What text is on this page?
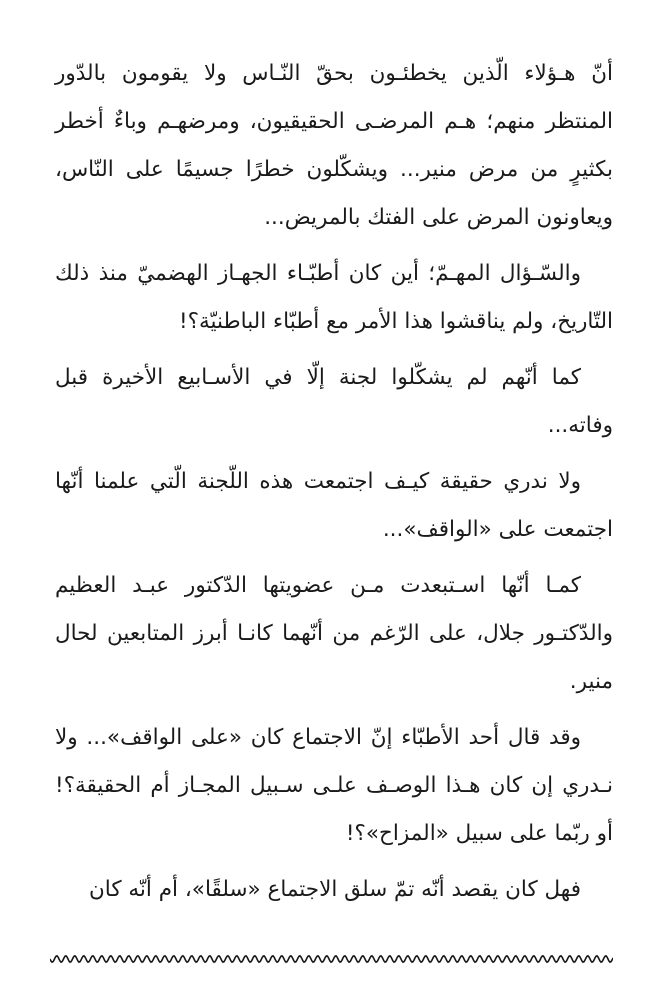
أنّ هـؤلاء الّذين يخطئـون بحقّ النّـاس ولا يقومون بالدّور المنتظر منهم؛ هـم المرضـى الحقيقيون، ومرضهـم وباءٌ أخطر بكثيرٍ من مرض منير... ويشكّلون خطرًا جسيمًا على النّاس، ويعاونون المرض على الفتك بالمريض...

والسّـؤال المهـمّ؛ أين كان أطبّـاء الجهـاز الهضميّ منذ ذلك التّاريخ، ولم يناقشوا هذا الأمر مع أطبّاء الباطنيّة؟!

كما أنّهم لم يشكّلوا لجنة إلّا في الأسـابيع الأخيرة قبل وفاته...

ولا ندري حقيقة كيـف اجتمعت هذه اللّجنة الّتي علمنا أنّها اجتمعت على «الواقف»...

كمـا أنّها اسـتبعدت مـن عضويتها الدّكتور عبـد العظيم والدّكتـور جلال، على الرّغم من أنّهما كانـا أبرز المتابعين لحال منير.

وقد قال أحد الأطبّاء إنّ الاجتماع كان «على الواقف»... ولا نـدري إن كان هـذا الوصـف علـى سـبيل المجـاز أم الحقيقة؟! أو ربّما على سبيل «المزاح»؟!

فهل كان يقصد أنّه تمّ سلق الاجتماع «سلقًا»، أم أنّه كان
